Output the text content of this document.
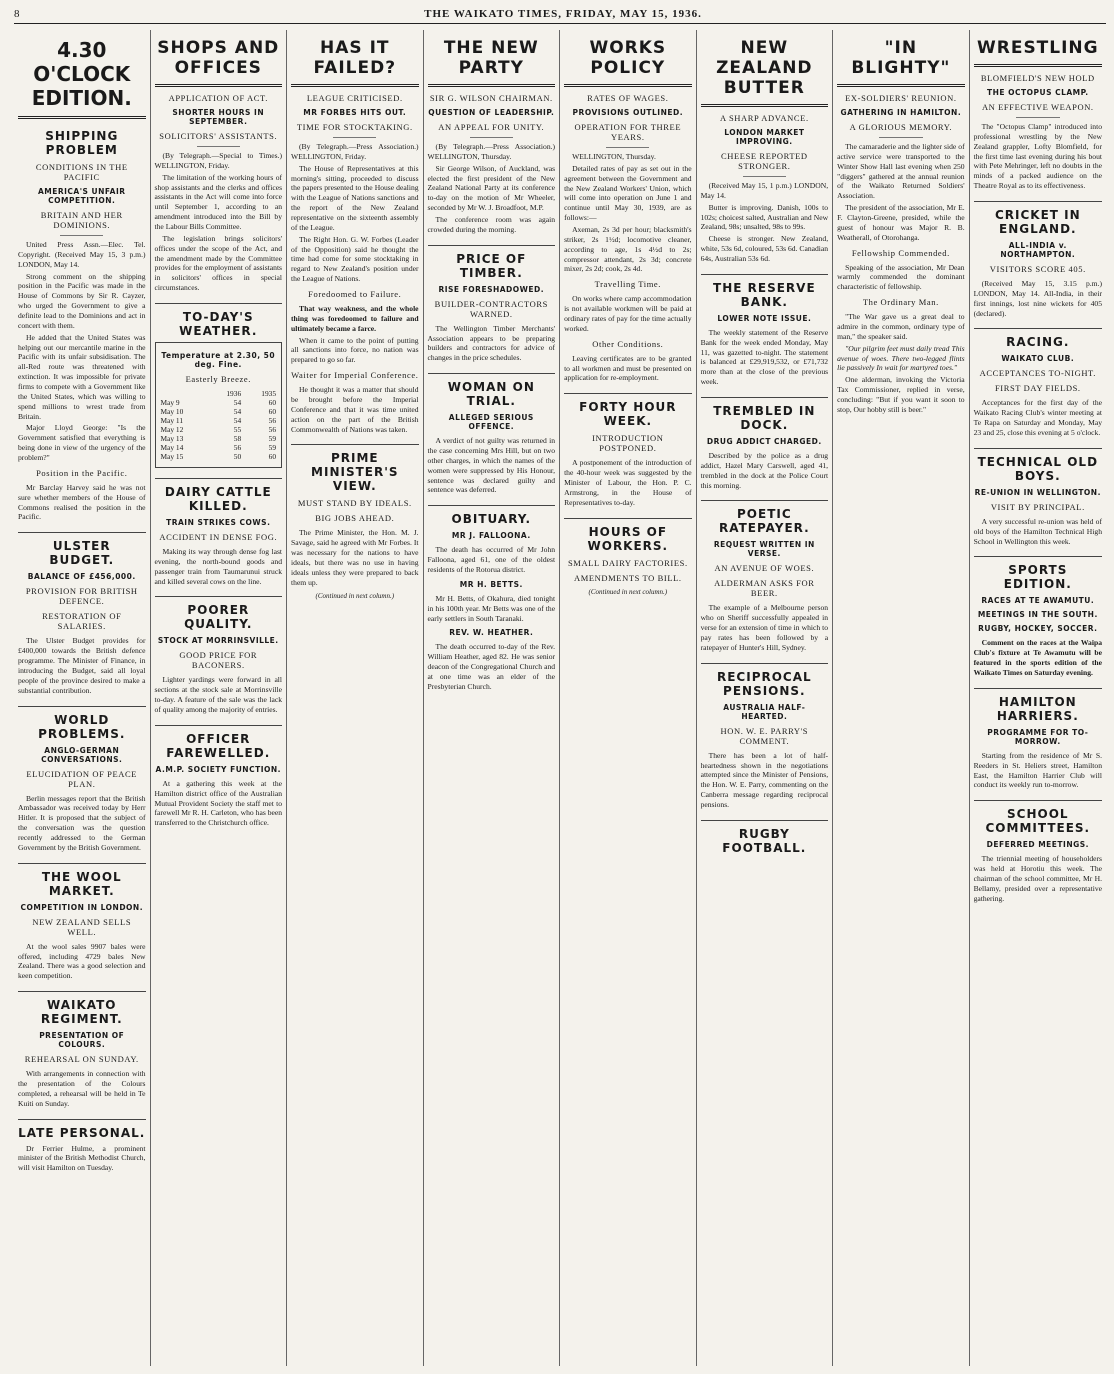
8	THE WAIKATO TIMES, FRIDAY, MAY 15, 1936.
4.30 O'CLOCK EDITION.
SHIPPING PROBLEM
CONDITIONS IN THE PACIFIC
AMERICA'S UNFAIR COMPETITION.
BRITAIN AND HER DOMINIONS.

United Press Assn.—Elec. Tel. Copyright. (Received May 15, 3 p.m.) LONDON, May 14.

Strong comment on the shipping position in the Pacific was made in the House of Commons by Sir R. Cayzer, who urged the Government to give a definite lead to the Dominions and act in concert with them.

He added that the United States was helping out our mercantile marine in the Pacific with its unfair subsidisation. The all-Red route was threatened with extinction. It was impossible for private firms to compete with a Government like the United States, which was willing to spend millions to wrest trade from Britain.

Major Lloyd George: "Is the Government satisfied that everything is being done in view of the urgency of the problem?"

Position in the Pacific.

Mr Barclay Harvey said he was not sure whether members of the House of Commons realised the position in the Pacific.

ULSTER BUDGET.
BALANCE OF £456,000.
PROVISION FOR BRITISH DEFENCE.
RESTORATION OF SALARIES.

The Ulster Budget provides for £400,000 towards the British defence programme. The Minister of Finance, in introducing the Budget, said all loyal people of the province desired to make a substantial contribution.

WORLD PROBLEMS.
ANGLO-GERMAN CONVERSATIONS.
ELUCIDATION OF PEACE PLAN.

Berlin messages report that the British Ambassador was received today by Herr Hitler. It is proposed that the subject of the conversation was the question recently addressed to the German Government by the British Government.

THE WOOL MARKET.
COMPETITION IN LONDON.
NEW ZEALAND SELLS WELL.

At the wool sales 9907 bales were offered, including 4729 bales New Zealand. There was a good selection and keen competition.

WAIKATO REGIMENT.
PRESENTATION OF COLOURS.
REHEARSAL ON SUNDAY.

With arrangements in connection with the presentation of the Colours completed, a rehearsal will be held in Te Kuiti on Sunday.

LATE PERSONAL.

Dr Ferrier Hulme, a prominent minister of the British Methodist Church, will visit Hamilton on Tuesday.

SHOPS AND OFFICES
APPLICATION OF ACT.
SHORTER HOURS IN SEPTEMBER.
SOLICITORS' ASSISTANTS.

(By Telegraph.—Special to Times.) WELLINGTON, Friday.

The limitation of the working hours of shop assistants and the clerks and offices assistants in the Act will come into force until September 1, according to an amendment introduced into the Bill by the Labour Bills Committee.

The legislation brings solicitors' offices under the scope of the Act, and the amendment made by the Committee provides for the employment of assistants in solicitors' offices in special circumstances.

TO-DAY'S WEATHER.
Temperature at 2.30, 50 deg. Fine.
Easterly Breeze.
	1936	1935
May 9	54	60
May 10	54	60
May 11	54	56
May 12	55	56
May 13	58	59
May 14	56	59
May 15	50	60
DAIRY CATTLE KILLED.
TRAIN STRIKES COWS.
ACCIDENT IN DENSE FOG.

Making its way through dense fog last evening, the north-bound goods and passenger train from Taumarunui struck and killed several cows on the line.

POORER QUALITY.
STOCK AT MORRINSVILLE.
GOOD PRICE FOR BACONERS.

Lighter yardings were forward in all sections at the stock sale at Morrinsville to-day. A feature of the sale was the lack of quality among the majority of entries.

OFFICER FAREWELLED.
A.M.P. SOCIETY FUNCTION.

At a gathering this week at the Hamilton district office of the Australian Mutual Provident Society the staff met to farewell Mr R. H. Carleton, who has been transferred to the Christchurch office.

HAS IT FAILED?
LEAGUE CRITICISED.
MR FORBES HITS OUT.
TIME FOR STOCKTAKING.

(By Telegraph.—Press Association.) WELLINGTON, Friday.

The House of Representatives at this morning's sitting, proceeded to discuss the papers presented to the House dealing with the League of Nations sanctions and the report of the New Zealand representative on the sixteenth assembly of the League.

The Right Hon. G. W. Forbes (Leader of the Opposition) said he thought the time had come for some stocktaking in regard to New Zealand's position under the League of Nations.

Foredoomed to Failure.

That way weakness, and the whole thing was foredoomed to failure and ultimately became a farce.

When it came to the point of putting all sanctions into force, no nation was prepared to go so far.

Waiter for Imperial Conference.

He thought it was a matter that should be brought before the Imperial Conference and that it was time united action on the part of the British Commonwealth of Nations was taken.

PRIME MINISTER'S VIEW.
MUST STAND BY IDEALS.
BIG JOBS AHEAD.

The Prime Minister, the Hon. M. J. Savage, said he agreed with Mr Forbes. It was necessary for the nations to have ideals, but there was no use in having ideals unless they were prepared to back them up.

(Continued in next column.)
THE NEW PARTY
SIR G. WILSON CHAIRMAN.
QUESTION OF LEADERSHIP.
AN APPEAL FOR UNITY.

(By Telegraph.—Press Association.) WELLINGTON, Thursday.

Sir George Wilson, of Auckland, was elected the first president of the New Zealand National Party at its conference to-day on the motion of Mr Wheeler, seconded by Mr W. J. Broadfoot, M.P.

The conference room was again crowded during the morning.

PRICE OF TIMBER.
RISE FORESHADOWED.
BUILDER-CONTRACTORS WARNED.

The Wellington Timber Merchants' Association appears to be preparing builders and contractors for advice of changes in the price schedules.

WOMAN ON TRIAL.
ALLEGED SERIOUS OFFENCE.

A verdict of not guilty was returned in the case concerning Mrs Hill, but on two other charges, in which the names of the women were suppressed by His Honour, sentence was declared guilty and sentence was deferred.

OBITUARY.
MR J. FALLOONA.

The death has occurred of Mr John Falloona, aged 61, one of the oldest residents of the Rotorua district.

MR H. BETTS.

Mr H. Betts, of Okahura, died tonight in his 100th year. Mr Betts was one of the early settlers in South Taranaki.

REV. W. HEATHER.

The death occurred to-day of the Rev. William Heather, aged 82. He was senior deacon of the Congregational Church and at one time was an elder of the Presbyterian Church.

WORKS POLICY
RATES OF WAGES.
PROVISIONS OUTLINED.
OPERATION FOR THREE YEARS.

WELLINGTON, Thursday.

Detailed rates of pay as set out in the agreement between the Government and the New Zealand Workers' Union, which will come into operation on June 1 and continue until May 30, 1939, are as follows:—

Axeman, 2s 3d per hour; blacksmith's striker, 2s 1½d; locomotive cleaner, according to age, 1s 4½d to 2s; compressor attendant, 2s 3d; concrete mixer, 2s 2d; cook, 2s 4d.

Travelling Time.

On works where camp accommodation is not available workmen will be paid at ordinary rates of pay for the time actually worked.

Other Conditions.

Leaving certificates are to be granted to all workmen and must be presented on application for re-employment.

FORTY HOUR WEEK.
INTRODUCTION POSTPONED.

A postponement of the introduction of the 40-hour week was suggested by the Minister of Labour, the Hon. P. C. Armstrong, in the House of Representatives to-day.

HOURS OF WORKERS.
SMALL DAIRY FACTORIES.
AMENDMENTS TO BILL.
(Continued in next column.)
NEW ZEALAND BUTTER
A SHARP ADVANCE.
LONDON MARKET IMPROVING.
CHEESE REPORTED STRONGER.

(Received May 15, 1 p.m.) LONDON, May 14.

Butter is improving. Danish, 100s to 102s; choicest salted, Australian and New Zealand, 98s; unsalted, 98s to 99s.

Cheese is stronger. New Zealand, white, 53s 6d, coloured, 53s 6d. Canadian 64s, Australian 53s 6d.

THE RESERVE BANK.
LOWER NOTE ISSUE.

The weekly statement of the Reserve Bank for the week ended Monday, May 11, was gazetted to-night. The statement is balanced at £29,919,532, or £71,732 more than at the close of the previous week.

TREMBLED IN DOCK.
DRUG ADDICT CHARGED.

Described by the police as a drug addict, Hazel Mary Carswell, aged 41, trembled in the dock at the Police Court this morning.

POETIC RATEPAYER.
REQUEST WRITTEN IN VERSE.
AN AVENUE OF WOES.
ALDERMAN ASKS FOR BEER.

The example of a Melbourne person who on Sheriff successfully appealed in verse for an extension of time in which to pay rates has been followed by a ratepayer of Hunter's Hill, Sydney.

RECIPROCAL PENSIONS.
AUSTRALIA HALF-HEARTED.
HON. W. E. PARRY'S COMMENT.

There has been a lot of half-heartedness shown in the negotiations attempted since the Minister of Pensions, the Hon. W. E. Parry, commenting on the Canberra message regarding reciprocal pensions.

RUGBY FOOTBALL.
"IN BLIGHTY"
EX-SOLDIERS' REUNION.
GATHERING IN HAMILTON.
A GLORIOUS MEMORY.

The camaraderie and the lighter side of active service were transported to the Winter Show Hall last evening when 250 "diggers" gathered at the annual reunion of the Waikato Returned Soldiers' Association.

The president of the association, Mr E. F. Clayton-Greene, presided, while the guest of honour was Major R. B. Weatherall, of Otorohanga.

Fellowship Commended.

Speaking of the association, Mr Dean warmly commended the dominant characteristic of fellowship.

The Ordinary Man.

"The War gave us a great deal to admire in the common, ordinary type of man," the speaker said.

"Our pilgrim feet must daily tread This avenue of woes. There two-legged flints lie passively In wait for martyred toes."

One alderman, invoking the Victoria Tax Commissioner, replied in verse, concluding: "But if you want it soon to stop, Our hobby still is beer."

WRESTLING
BLOMFIELD'S NEW HOLD
THE OCTOPUS CLAMP.
AN EFFECTIVE WEAPON.

The "Octopus Clamp" introduced into professional wrestling by the New Zealand grappler, Lofty Blomfield, for the first time last evening during his bout with Pete Mehringer, left no doubts in the minds of a packed audience on the Theatre Royal as to its effectiveness.

CRICKET IN ENGLAND.
ALL-INDIA v. NORTHAMPTON.
VISITORS SCORE 405.

(Received May 15, 3.15 p.m.) LONDON, May 14. All-India, in their first innings, lost nine wickets for 405 (declared).

RACING.
WAIKATO CLUB.
ACCEPTANCES TO-NIGHT.
FIRST DAY FIELDS.

Acceptances for the first day of the Waikato Racing Club's winter meeting at Te Rapa on Saturday and Monday, May 23 and 25, close this evening at 5 o'clock.

TECHNICAL OLD BOYS.
RE-UNION IN WELLINGTON.
VISIT BY PRINCIPAL.

A very successful re-union was held of old boys of the Hamilton Technical High School in Wellington this week.

SPORTS EDITION.
RACES AT TE AWAMUTU.
MEETINGS IN THE SOUTH.
RUGBY, HOCKEY, SOCCER.

Comment on the races at the Waipa Club's fixture at Te Awamutu will be featured in the sports edition of the Waikato Times on Saturday evening.

HAMILTON HARRIERS.
PROGRAMME FOR TO-MORROW.

Starting from the residence of Mr S. Reeders in St. Heliers street, Hamilton East, the Hamilton Harrier Club will conduct its weekly run to-morrow.

SCHOOL COMMITTEES.
DEFERRED MEETINGS.

The triennial meeting of householders was held at Horotiu this week. The chairman of the school committee, Mr H. Bellamy, presided over a representative gathering.
